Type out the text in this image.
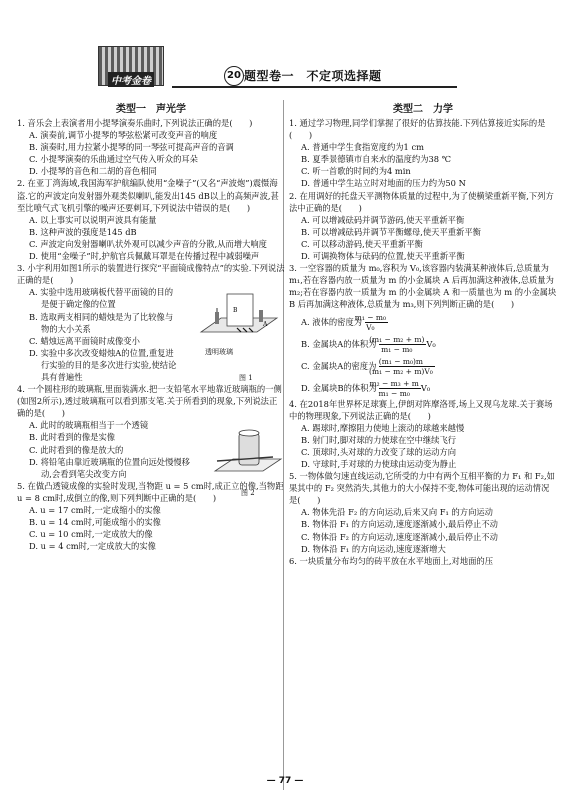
中考金卷
20 题型卷一　不定项选择题
类型一　声光学
1. 音乐会上表演者用小提琴演奏乐曲时,下列说法正确的是(　　)
A. 演奏前,调节小提琴的琴弦松紧可改变声音的响度
B. 演奏时,用力拉紧小提琴的同一琴弦可提高声音的音调
C. 小提琴演奏的乐曲通过空气传入听众的耳朵
D. 小提琴的音色和二胡的音色相同
2. 在亚丁湾海域,我国海军护航编队使用“金噪子”(又名“声波炮”)震慑海盗.它的声波定向发射器外观类似喇叭,能发出145 dB以上的高频声波,甚至比喷气式飞机引擎的噪声还要刺耳,下列说法中错误的是(　　)
A. 以上事实可以说明声波具有能量
B. 这种声波的强度是145 dB
C. 声波定向发射器喇叭状外观可以减少声音的分散,从而增大响度
D. 使用“金噪子”时,护航官兵佩戴耳罩是在传播过程中减弱噪声
3. 小宇利用如图1所示的装置进行探究“平面镜成像特点”的实验.下列说法正确的是(　　)
A. 实验中选用玻璃板代替平面镜的目的是便于确定像的位置
B. 选取两支相同的蜡烛是为了比较像与物的大小关系
C. 蜡烛远离平面镜时成像变小
D. 实验中多次改变蜡烛A的位置,重复进行实验的目的是多次进行实验,使结论具有普遍性
B
A
透明玻璃
图 1
4. 一个圆柱形的玻璃瓶,里面装满水.把一支铅笔水平地靠近玻璃瓶的一侧(如图2所示),透过玻璃瓶可以看到那支笔.关于所看到的现象,下列说法正确的是(　　)
A. 此时的玻璃瓶相当于一个透镜
B. 此时看到的像是实像
C. 此时看到的像是放大的
D. 将铅笔由靠近玻璃瓶的位置向远处慢慢移动,会看到笔尖改变方向
图 2
5. 在做凸透镜成像的实验时发现,当物距 u = 5 cm时,成正立的像,当物距 u = 8 cm时,成倒立的像,则下列判断中正确的是(　　)
A. u = 17 cm时,一定成缩小的实像
B. u = 14 cm时,可能成缩小的实像
C. u = 10 cm时,一定成放大的像
D. u = 4 cm时,一定成放大的实像
类型二　力学
1. 通过学习物理,同学们掌握了很好的估算技能.下列估算接近实际的是(　　)
A. 普通中学生食指宽度约为1 cm
B. 夏季景德镇市自来水的温度约为38 ℃
C. 听一首歌的时间约为4 min
D. 普通中学生站立时对地面的压力约为50 N
2. 在用调好的托盘天平测物体质量的过程中,为了使横梁重新平衡,下列方法中正确的是(　　)
A. 可以增减砝码并调节游码,使天平重新平衡
B. 可以增减砝码并调节平衡螺母,使天平重新平衡
C. 可以移动游码,使天平重新平衡
D. 可调换物体与砝码的位置,使天平重新平衡
3. 一空容器的质量为 m₀,容积为 V₀,该容器内装满某种液体后,总质量为 m₁,若在容器内放一质量为 m 的小金属块 A 后再加满这种液体,总质量为 m₂;若在容器内放一质量为 m 的小金属块 A 和一质量也为 m 的小金属块 B 后再加满这种液体,总质量为 m₃,则下列判断正确的是(　　)
A. 液体的密度为 $\frac{\text{m₁ − m₀}}{\text{V₀}}$
B. 金属块A的体积为 $\frac{\text{(m₁ − m₂ + m)}}{\text{m₁ − m₀}} V_0$
C. 金属块A的密度为 $\frac{\text{(m₁ − m₀)m}}{\text{(m₁ − m₂ + m)V₀}}$
D. 金属块B的体积为 $\frac{\text{m₂ − m₃ + m}}{\text{m₁ − m₀}} V_0$
4. 在2018年世界杯足球赛上,伊朗对阵摩洛哥,场上又现乌龙球.关于赛场中的物理现象,下列说法正确的是(　　)
A. 踢球时,摩擦阻力使地上滚动的球越来越慢
B. 射门时,脚对球的力使球在空中继续飞行
C. 顶球时,头对球的力改变了球的运动方向
D. 守球时,手对球的力使球由运动变为静止
5. 一物体做匀速直线运动,它所受的力中有两个互相平衡的力 F₁ 和 F₂,如果其中的 F₂ 突然消失,其他力的大小保持不变,物体可能出现的运动情况是(　　)
A. 物体先沿 F₂ 的方向运动,后来又向 F₁ 的方向运动
B. 物体沿 F₁ 的方向运动,速度逐渐减小,最后停止不动
C. 物体沿 F₂ 的方向运动,速度逐渐减小,最后停止不动
D. 物体沿 F₁ 的方向运动,速度逐渐增大
6. 一块质量分布均匀的砖平放在水平地面上,对地面的压
— 77 —
